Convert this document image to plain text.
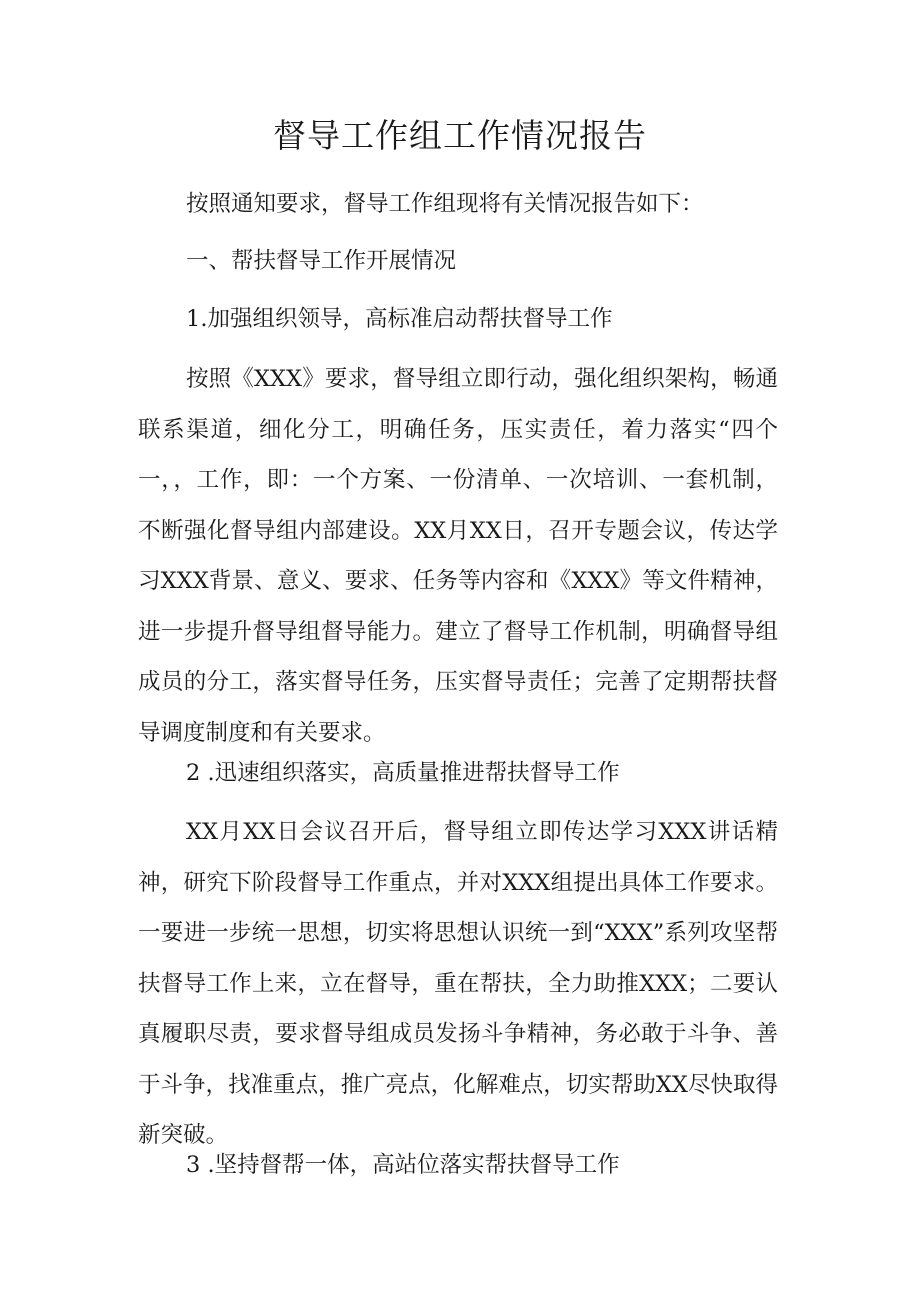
督导工作组工作情况报告

按照通知要求，督导工作组现将有关情况报告如下：

一、帮扶督导工作开展情况

1.加强组织领导，高标准启动帮扶督导工作

按照《XXX》要求，督导组立即行动，强化组织架构，畅通联系渠道，细化分工，明确任务，压实责任，着力落实“四个一，，工作，即：一个方案、一份清单、一次培训、一套机制，不断强化督导组内部建设。XX月XX日，召开专题会议，传达学习XXX背景、意义、要求、任务等内容和《XXX》等文件精神，进一步提升督导组督导能力。建立了督导工作机制，明确督导组成员的分工，落实督导任务，压实督导责任；完善了定期帮扶督导调度制度和有关要求。

2 .迅速组织落实，高质量推进帮扶督导工作

XX月XX日会议召开后，督导组立即传达学习XXX讲话精神，研究下阶段督导工作重点，并对XXX组提出具体工作要求。一要进一步统一思想，切实将思想认识统一到“XXX”系列攻坚帮扶督导工作上来，立在督导，重在帮扶，全力助推XXX；二要认真履职尽责，要求督导组成员发扬斗争精神，务必敢于斗争、善于斗争，找准重点，推广亮点，化解难点，切实帮助XX尽快取得新突破。

3 .坚持督帮一体，高站位落实帮扶督导工作
